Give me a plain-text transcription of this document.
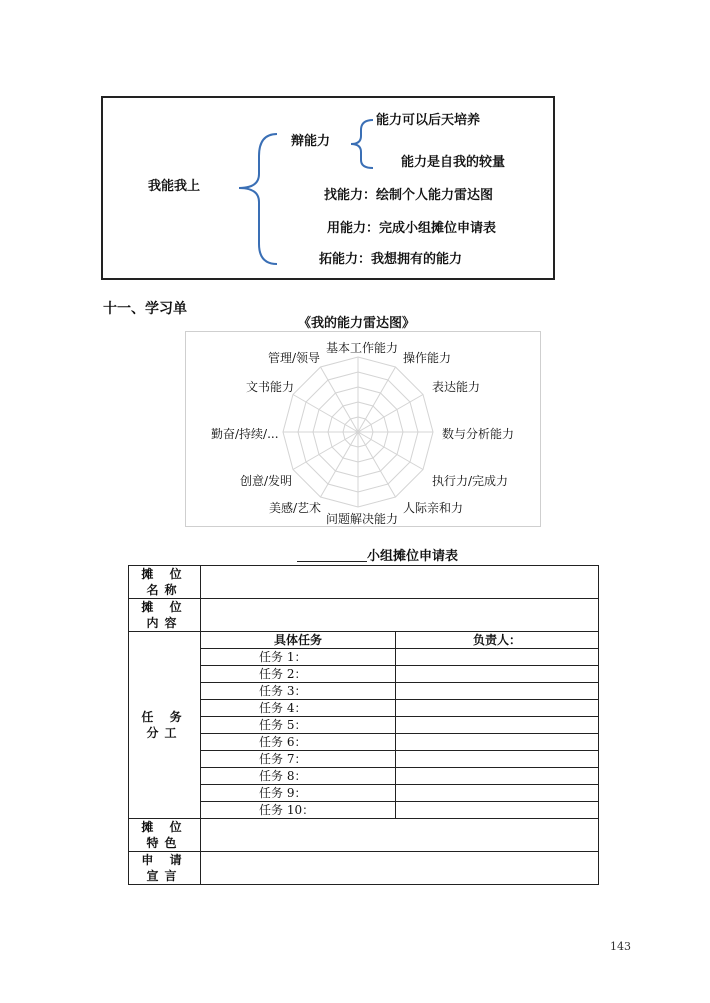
我能我上
辩能力
能力可以后天培养
能力是自我的较量
找能力：绘制个人能力雷达图
用能力：完成小组摊位申请表
拓能力：我想拥有的能力
十一、学习单
《我的能力雷达图》
基本工作能力
操作能力
表达能力
数与分析能力
执行力/完成力
人际亲和力
问题解决能力
美感/艺术
创意/发明
勤奋/持续/...
文书能力
管理/领导
小组摊位申请表
摊 位
名称		

摊 位
内容		

任 务
分工	具体任务	负责人：
	任务 1：	
	任务 2：	
	任务 3：	
	任务 4：	
	任务 5：	
	任务 6：	
	任务 7：	
	任务 8：	
	任务 9：	
	任务 10：	

摊 位
特色		

申 请
宣言		

143
